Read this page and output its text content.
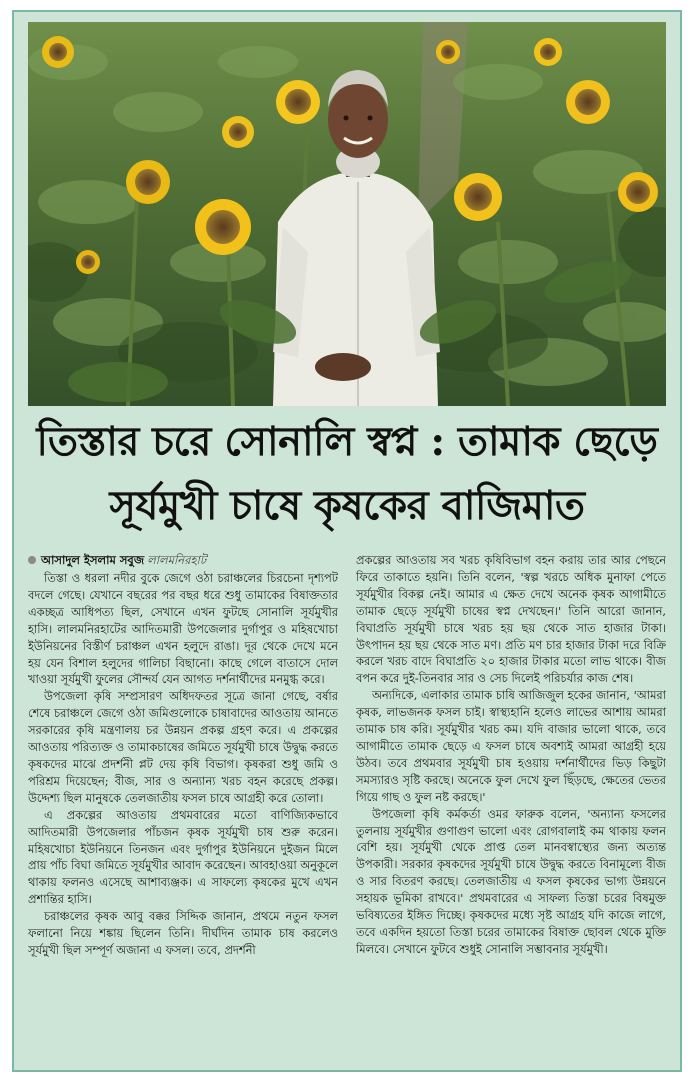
তিস্তার চরে সোনালি স্বপ্ন : তামাক ছেড়ে
সূর্যমুখী চাষে কৃষকের বাজিমাত
আসাদুল ইসলাম সবুজ লালমনিরহাট

তিস্তা ও ধরলা নদীর বুকে জেগে ওঠা চরাঞ্চলের চিরচেনা দৃশ্যপট বদলে গেছে। যেখানে বছরের পর বছর ধরে শুধু তামাকের বিষাক্ততার একচ্ছত্র আধিপত্য ছিল, সেখানে এখন ফুটছে সোনালি সূর্যমুখীর হাসি। লালমনিরহাটের আদিতমারী উপজেলার দুর্গাপুর ও মহিষখোচা ইউনিয়নের বিস্তীর্ণ চরাঞ্চল এখন হলুদে রাঙা। দূর থেকে দেখে মনে হয় যেন বিশাল হলুদের গালিচা বিছানো। কাছে গেলে বাতাসে দোল খাওয়া সূর্যমুখী ফুলের সৌন্দর্য যেন আগত দর্শনার্থীদের মনমুগ্ধ করে।

উপজেলা কৃষি সম্প্রসারণ অধিদফতর সূত্রে জানা গেছে, বর্ষার শেষে চরাঞ্চলে জেগে ওঠা জমিগুলোকে চাষাবাদের আওতায় আনতে সরকারের কৃষি মন্ত্রণালয় চর উন্নয়ন প্রকল্প গ্রহণ করে। এ প্রকল্পের আওতায় পরিত্যক্ত ও তামাকচাষের জমিতে সূর্যমুখী চাষে উদ্বুদ্ধ করতে কৃষকদের মাঝে প্রদর্শনী প্লট দেয় কৃষি বিভাগ। কৃষকরা শুধু জমি ও পরিশ্রম দিয়েছেন; বীজ, সার ও অন্যান্য খরচ বহন করেছে প্রকল্প। উদ্দেশ্য ছিল মানুষকে তেলজাতীয় ফসল চাষে আগ্রহী করে তোলা।

এ প্রকল্পের আওতায় প্রথমবারের মতো বাণিজ্যিকভাবে আদিতমারী উপজেলার পাঁচজন কৃষক সূর্যমুখী চাষ শুরু করেন। মহিষখোচা ইউনিয়নে তিনজন এবং দুর্গাপুর ইউনিয়নে দুইজন মিলে প্রায় পাঁচ বিঘা জমিতে সূর্যমুখীর আবাদ করেছেন। আবহাওয়া অনুকূলে থাকায় ফলনও এসেছে আশাব্যঞ্জক। এ সাফল্যে কৃষকের মুখে এখন প্রশান্তির হাসি।

চরাঞ্চলের কৃষক আবু বক্কর সিদ্দিক জানান, প্রথমে নতুন ফসল ফলানো নিয়ে শঙ্কায় ছিলেন তিনি। দীর্ঘদিন তামাক চাষ করলেও সূর্যমুখী ছিল সম্পূর্ণ অজানা এ ফসল। তবে, প্রদর্শনী

প্রকল্পের আওতায় সব খরচ কৃষিবিভাগ বহন করায় তার আর পেছনে ফিরে তাকাতে হয়নি। তিনি বলেন, 'স্বল্প খরচে অধিক মুনাফা পেতে সূর্যমুখীর বিকল্প নেই। আমার এ ক্ষেত দেখে অনেক কৃষক আগামীতে তামাক ছেড়ে সূর্যমুখী চাষের স্বপ্ন দেখছেন।' তিনি আরো জানান, বিঘাপ্রতি সূর্যমুখী চাষে খরচ হয় ছয় থেকে সাত হাজার টাকা। উৎপাদন হয় ছয় থেকে সাত মণ। প্রতি মণ চার হাজার টাকা দরে বিক্রি করলে খরচ বাদে বিঘাপ্রতি ২০ হাজার টাকার মতো লাভ থাকে। বীজ বপন করে দুই-তিনবার সার ও সেচ দিলেই পরিচর্যার কাজ শেষ।

অন্যদিকে, এলাকার তামাক চাষি আজিজুল হকের জানান, 'আমরা কৃষক, লাভজনক ফসল চাই। স্বাস্থ্যহানি হলেও লাভের আশায় আমরা তামাক চাষ করি। সূর্যমুখীর খরচ কম। যদি বাজার ভালো থাকে, তবে আগামীতে তামাক ছেড়ে এ ফসল চাষে অবশ্যই আমরা আগ্রহী হয়ে উঠব। তবে প্রথমবার সূর্যমুখী চাষ হওয়ায় দর্শনার্থীদের ভিড় কিছুটা সমস্যারও সৃষ্টি করছে। অনেকে ফুল দেখে ফুল ছিঁড়ছে, ক্ষেতের ভেতর গিয়ে গাছ ও ফুল নষ্ট করছে।'

উপজেলা কৃষি কর্মকর্তা ওমর ফারুক বলেন, 'অন্যান্য ফসলের তুলনায় সূর্যমুখীর গুণাগুণ ভালো এবং রোগবালাই কম থাকায় ফলন বেশি হয়। সূর্যমুখী থেকে প্রাপ্ত তেল মানবস্বাস্থ্যের জন্য অত্যন্ত উপকারী। সরকার কৃষকদের সূর্যমুখী চাষে উদ্বুদ্ধ করতে বিনামূল্যে বীজ ও সার বিতরণ করছে। তেলজাতীয় এ ফসল কৃষকের ভাগ্য উন্নয়নে সহায়ক ভূমিকা রাখবে।' প্রথমবারের এ সাফল্য তিস্তা চরের বিষমুক্ত ভবিষ্যতের ইঙ্গিত দিচ্ছে। কৃষকদের মধ্যে সৃষ্ট আগ্রহ যদি কাজে লাগে, তবে একদিন হয়তো তিস্তা চরের তামাকের বিষাক্ত ছোবল থেকে মুক্তি মিলবে। সেখানে ফুটবে শুধুই সোনালি সম্ভাবনার সূর্যমুখী।
